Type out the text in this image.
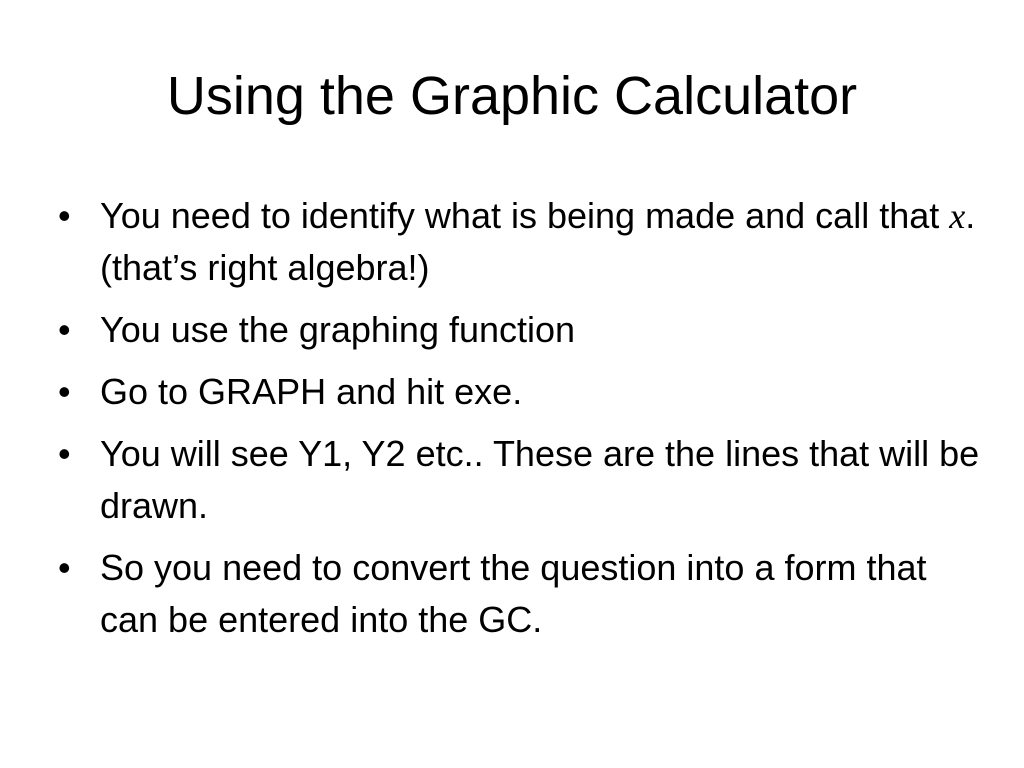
Using the Graphic Calculator
• You need to identify what is being made and call that x. (that’s right algebra!)
• You use the graphing function
• Go to GRAPH and hit exe.
• You will see Y1, Y2 etc.. These are the lines that will be drawn.
• So you need to convert the question into a form that can be entered into the GC.
